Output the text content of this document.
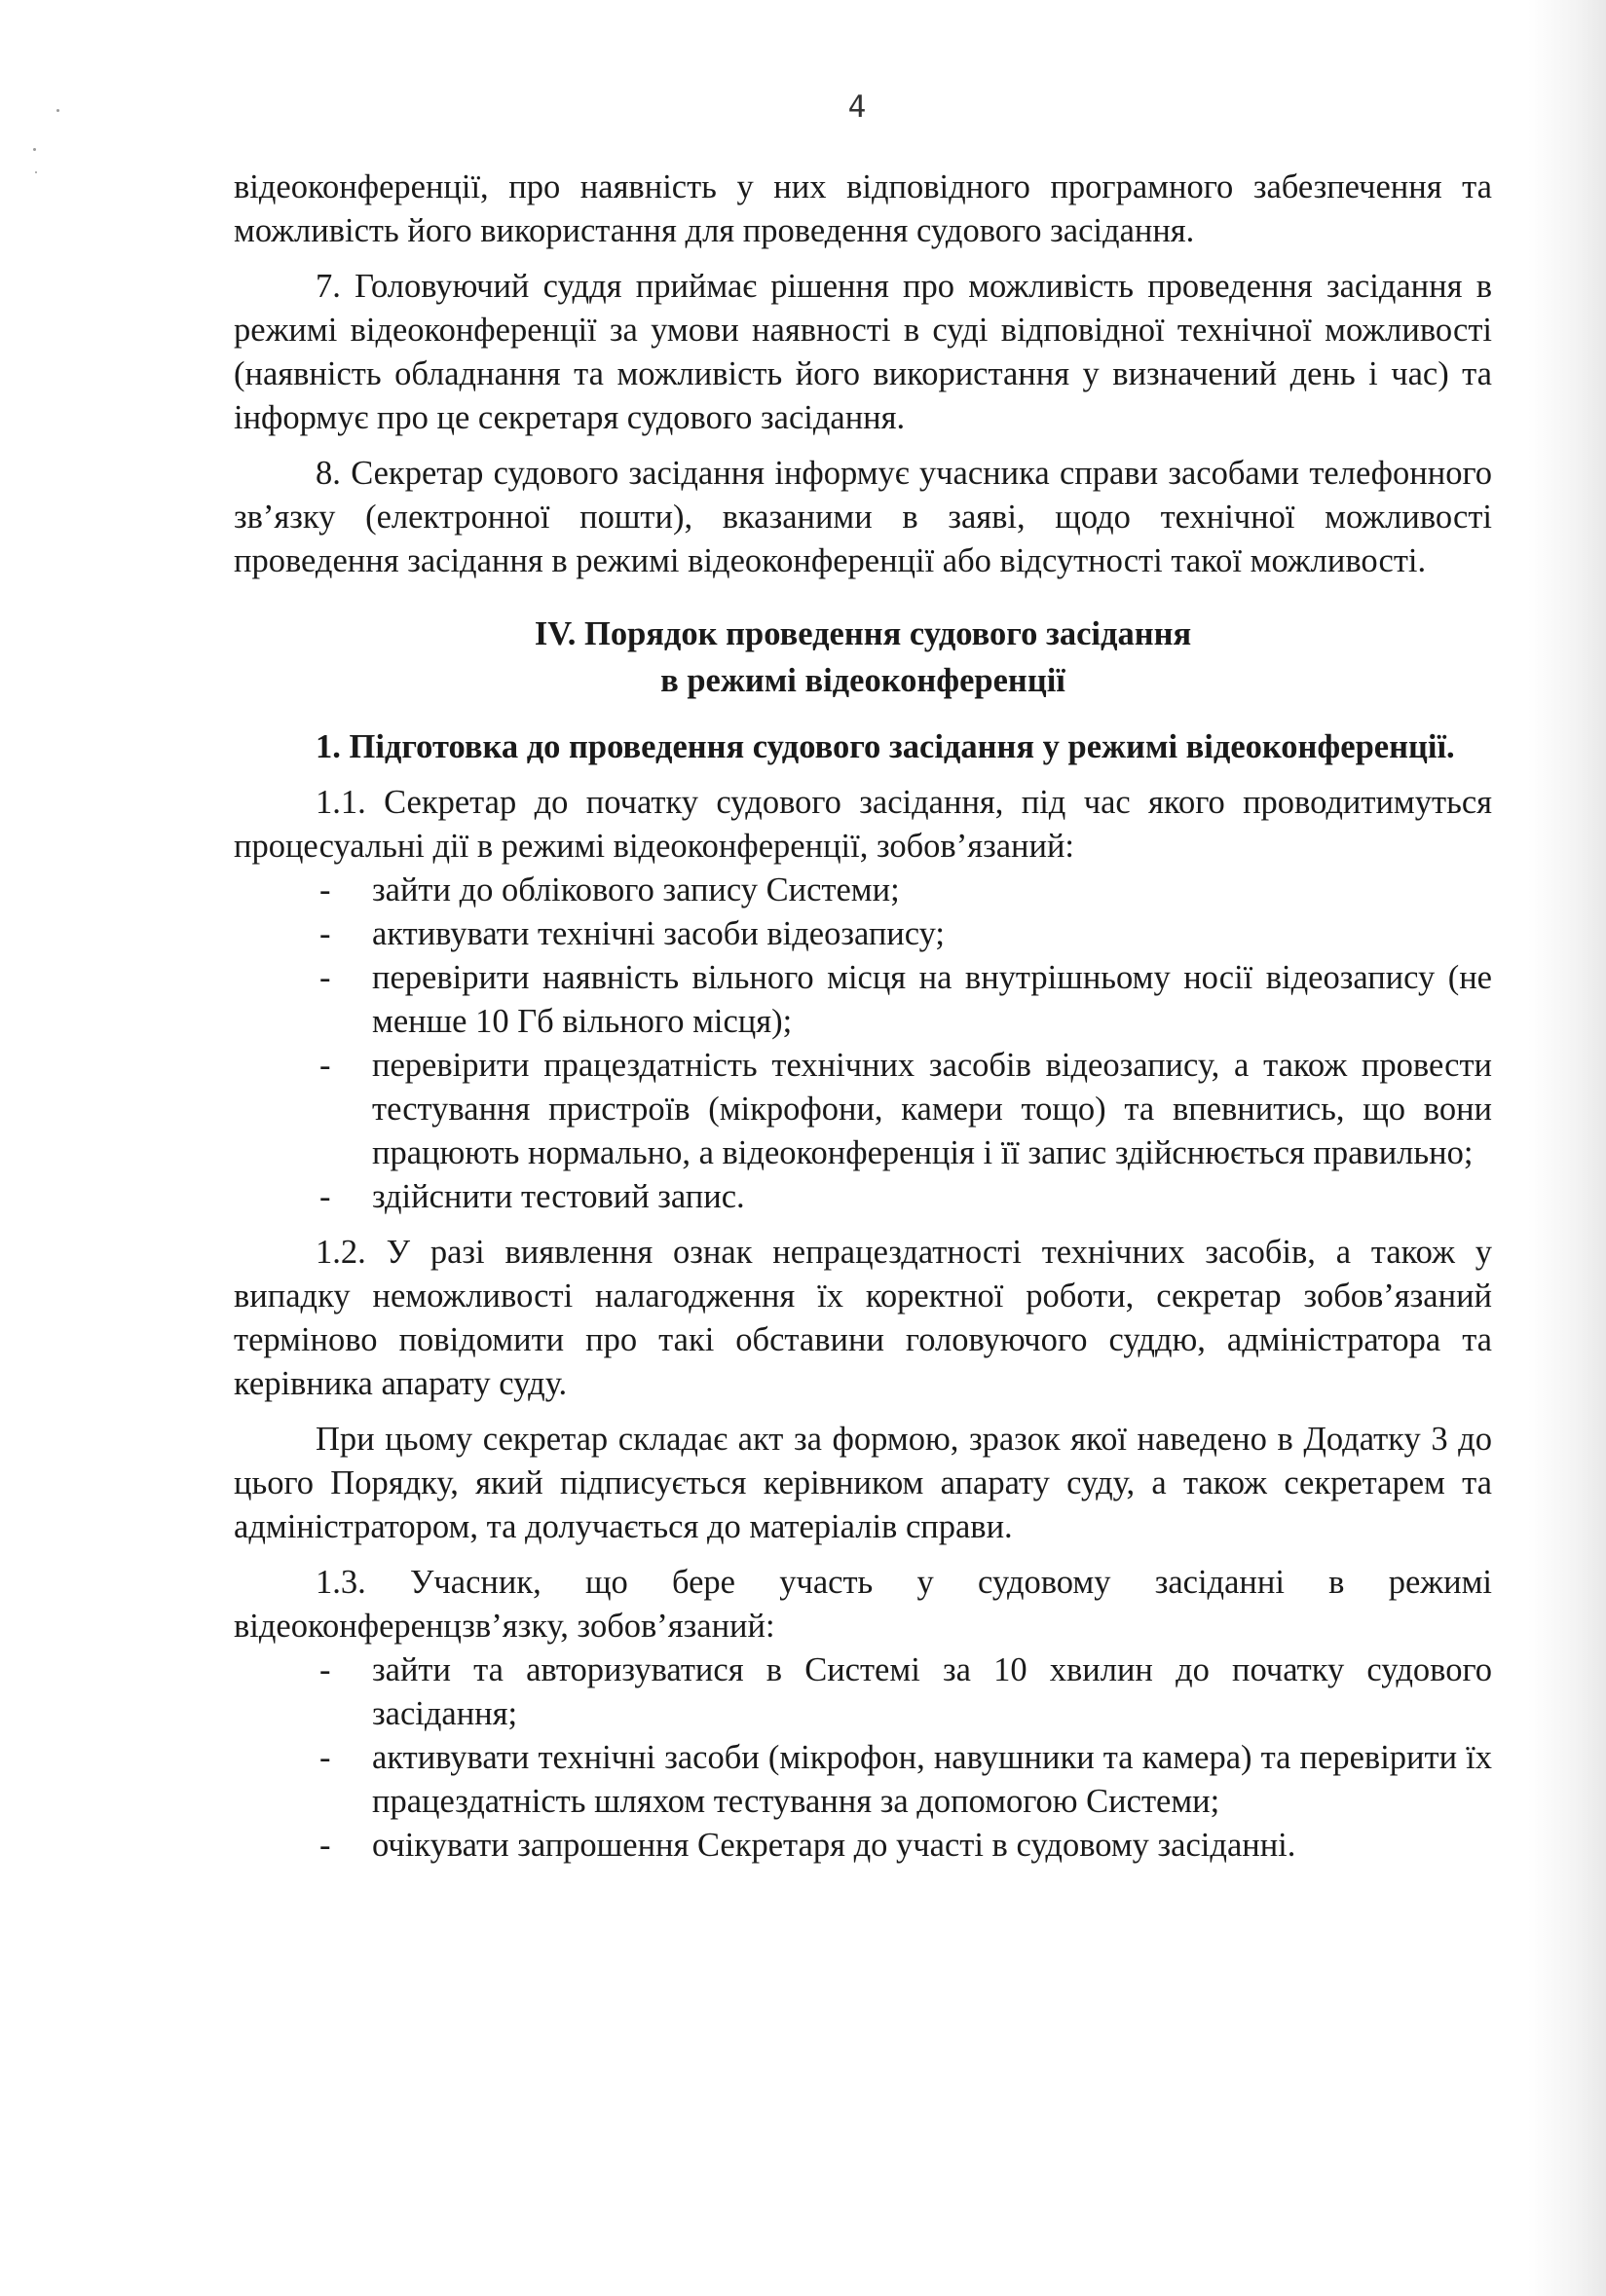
4

відеоконференції, про наявність у них відповідного програмного забезпечення та можливість його використання для проведення судового засідання.

7. Головуючий суддя приймає рішення про можливість проведення засідання в режимі відеоконференції за умови наявності в суді відповідної технічної можливості (наявність обладнання та можливість його використання у визначений день і час) та інформує про це секретаря судового засідання.

8. Секретар судового засідання інформує учасника справи засобами телефонного зв’язку (електронної пошти), вказаними в заяві, щодо технічної можливості проведення засідання в режимі відеоконференції або відсутності такої можливості.

IV. Порядок проведення судового засідання
в режимі відеоконференції

1. Підготовка до проведення судового засідання у режимі відеоконференції.

1.1. Секретар до початку судового засідання, під час якого проводитимуться процесуальні дії в режимі відеоконференції, зобов’язаний:

- зайти до облікового запису Системи;
- активувати технічні засоби відеозапису;
- перевірити наявність вільного місця на внутрішньому носії відеозапису (не менше 10 Гб вільного місця);
- перевірити працездатність технічних засобів відеозапису, а також провести тестування пристроїв (мікрофони, камери тощо) та впевнитись, що вони працюють нормально, а відеоконференція і її запис здійснюється правильно;
- здійснити тестовий запис.

1.2. У разі виявлення ознак непрацездатності технічних засобів, а також у випадку неможливості налагодження їх коректної роботи, секретар зобов’язаний терміново повідомити про такі обставини головуючого суддю, адміністратора та керівника апарату суду.

При цьому секретар складає акт за формою, зразок якої наведено в Додатку 3 до цього Порядку, який підписується керівником апарату суду, а також секретарем та адміністратором, та долучається до матеріалів справи.

1.3. Учасник, що бере участь у судовому засіданні в режимі відеоконференцзв’язку, зобов’язаний:

- зайти та авторизуватися в Системі за 10 хвилин до початку судового засідання;
- активувати технічні засоби (мікрофон, навушники та камера) та перевірити їх працездатність шляхом тестування за допомогою Системи;
- очікувати запрошення Секретаря до участі в судовому засіданні.
